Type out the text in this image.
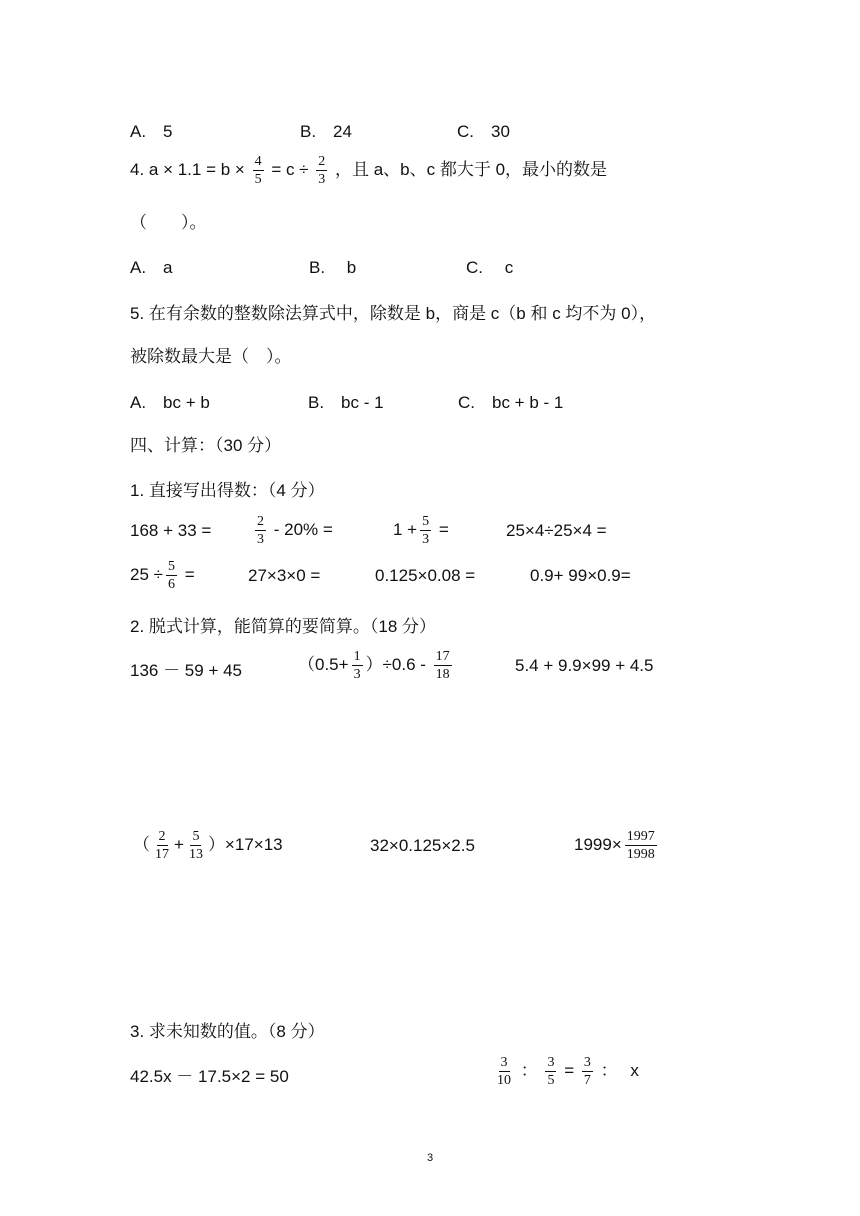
A.　5	B.　24	C.　30
4. $a \times 1.1 = b \times \frac{4}{5} = c \div \frac{2}{3}$ ，且 a、b、c 都大于 0，最小的数是
（　　）。
A.　a	B.　 b	C.　 c
5. 在有余数的整数除法算式中，除数是 b，商是 c（b 和 c 均不为 0），
被除数最大是（　）。
A.　bc + b	B.　bc - 1	C.　bc + b - 1
四、计算：（30 分）
1. 直接写出得数：（4 分）
168 + 33 =	$\frac{2}{3} - 20\%$ =	$1 + \frac{5}{3}$ =	25×4÷25×4 =
$25 \div \frac{5}{6}$ =	27×3×0 =	0.125×0.08 =	0.9+ 99×0.9=
2. 脱式计算，能简算的要简算。（18 分）
136 － 59 + 45	$(0.5+ \frac{1}{3} )\div 0.6 - \frac{17}{18}$	5.4 + 9.9×99 + 4.5
（ $\frac{2}{17} + \frac{5}{13} )\times 17\times 13$	32×0.125×2.5	$1999\times \frac{1997}{1998}$
3. 求未知数的值。（8 分）
42.5x － 17.5×2 = 50	$\frac{3}{10}$ ： $\frac{3}{5} = \frac{3}{7}$ ： x
3
